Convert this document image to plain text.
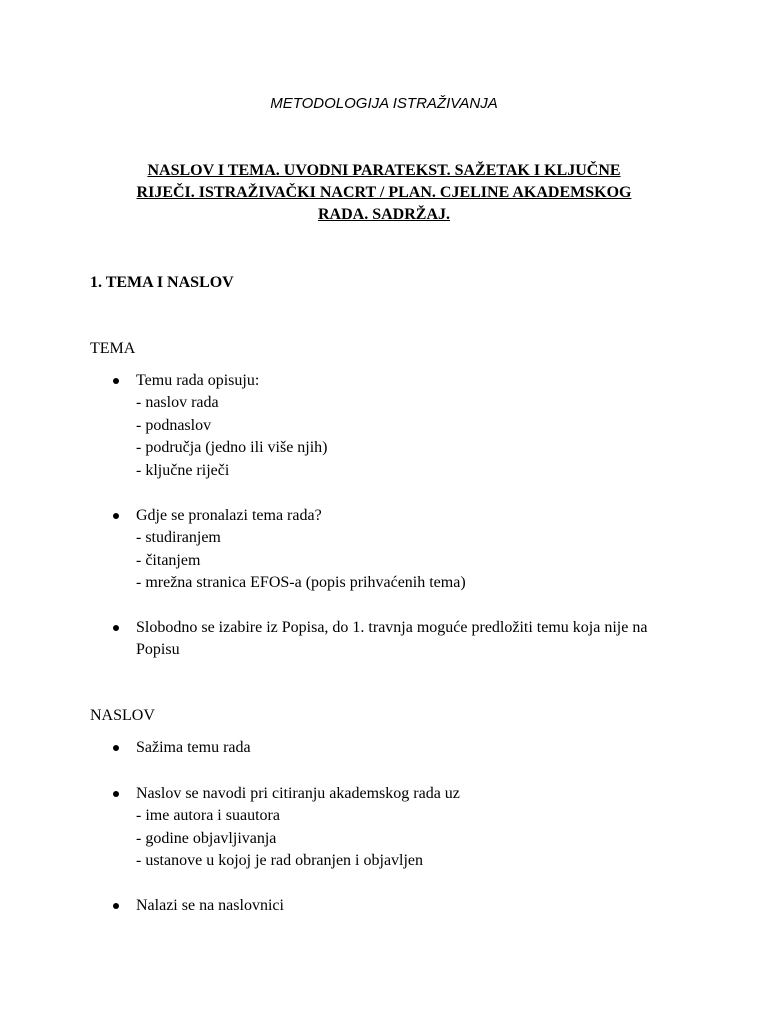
METODOLOGIJA ISTRAŽIVANJA
NASLOV I TEMA. UVODNI PARATEKST. SAŽETAK I KLJUČNE
RIJEČI. ISTRAŽIVAČKI NACRT / PLAN. CJELINE AKADEMSKOG
RADA. SADRŽAJ.
1. TEMA I NASLOV
TEMA
Temu rada opisuju:
- naslov rada
- podnaslov
- područja (jedno ili više njih)
- ključne riječi
Gdje se pronalazi tema rada?
- studiranjem
- čitanjem
- mrežna stranica EFOS-a (popis prihvaćenih tema)
Slobodno se izabire iz Popisa, do 1. travnja moguće predložiti temu koja nije na Popisu
NASLOV
Sažima temu rada
Naslov se navodi pri citiranju akademskog rada uz
- ime autora i suautora
- godine objavljivanja
- ustanove u kojoj je rad obranjen i objavljen
Nalazi se na naslovnici
